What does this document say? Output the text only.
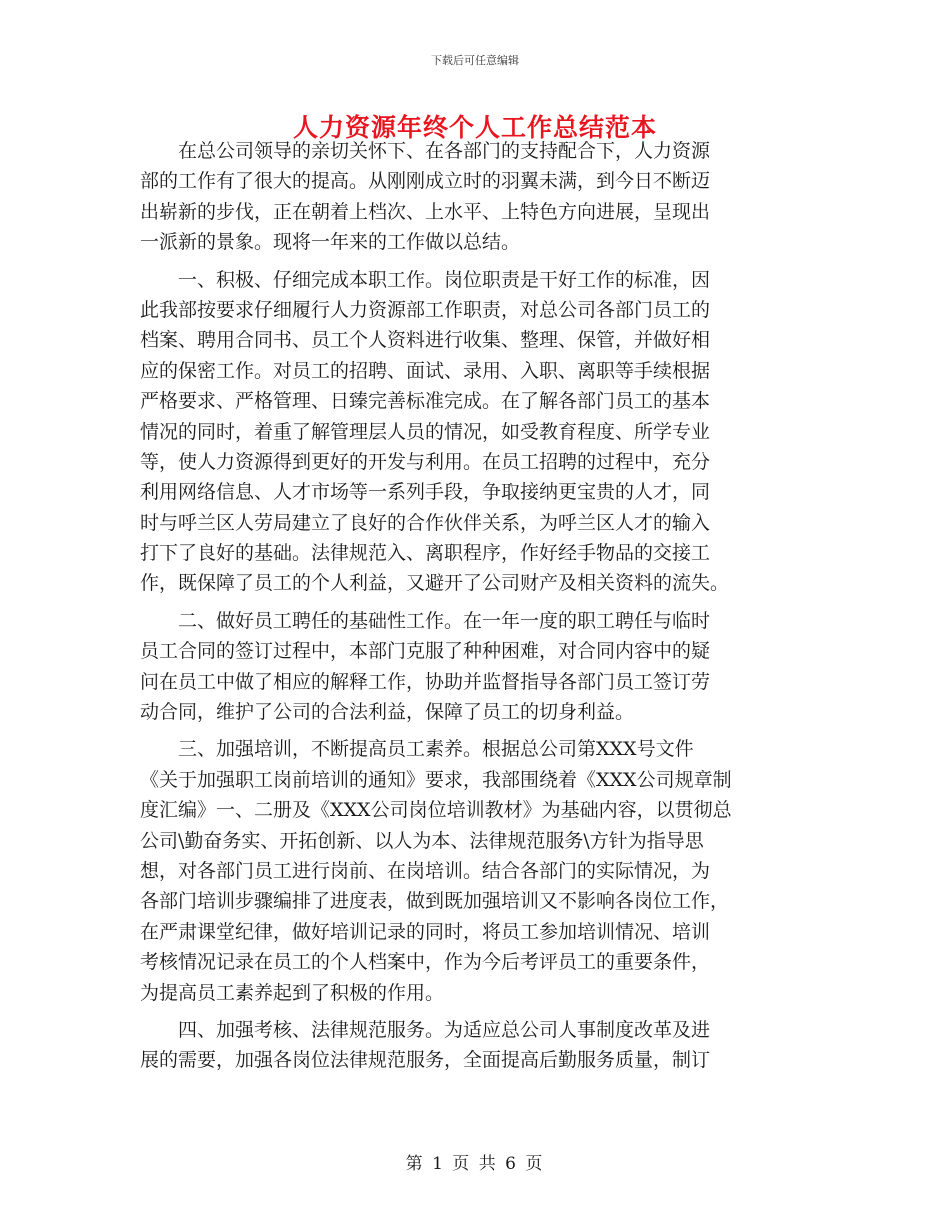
下载后可任意编辑
人力资源年终个人工作总结范本
　　在总公司领导的亲切关怀下、在各部门的支持配合下，人力资源
部的工作有了很大的提高。从刚刚成立时的羽翼未满，到今日不断迈
出崭新的步伐，正在朝着上档次、上水平、上特色方向进展，呈现出
一派新的景象。现将一年来的工作做以总结。
　　一、积极、仔细完成本职工作。岗位职责是干好工作的标准，因
此我部按要求仔细履行人力资源部工作职责，对总公司各部门员工的
档案、聘用合同书、员工个人资料进行收集、整理、保管，并做好相
应的保密工作。对员工的招聘、面试、录用、入职、离职等手续根据
严格要求、严格管理、日臻完善标准完成。在了解各部门员工的基本
情况的同时，着重了解管理层人员的情况，如受教育程度、所学专业
等，使人力资源得到更好的开发与利用。在员工招聘的过程中，充分
利用网络信息、人才市场等一系列手段，争取接纳更宝贵的人才，同
时与呼兰区人劳局建立了良好的合作伙伴关系，为呼兰区人才的输入
打下了良好的基础。法律规范入、离职程序，作好经手物品的交接工
作，既保障了员工的个人利益，又避开了公司财产及相关资料的流失。
　　二、做好员工聘任的基础性工作。在一年一度的职工聘任与临时
员工合同的签订过程中，本部门克服了种种困难，对合同内容中的疑
问在员工中做了相应的解释工作，协助并监督指导各部门员工签订劳
动合同，维护了公司的合法利益，保障了员工的切身利益。
　　三、加强培训，不断提高员工素养。根据总公司第XXX号文件
《关于加强职工岗前培训的通知》要求，我部围绕着《XXX公司规章制
度汇编》一、二册及《XXX公司岗位培训教材》为基础内容，以贯彻总
公司\勤奋务实、开拓创新、以人为本、法律规范服务\方针为指导思
想，对各部门员工进行岗前、在岗培训。结合各部门的实际情况，为
各部门培训步骤编排了进度表，做到既加强培训又不影响各岗位工作，
在严肃课堂纪律，做好培训记录的同时，将员工参加培训情况、培训
考核情况记录在员工的个人档案中，作为今后考评员工的重要条件，
为提高员工素养起到了积极的作用。
　　四、加强考核、法律规范服务。为适应总公司人事制度改革及进
展的需要，加强各岗位法律规范服务，全面提高后勤服务质量，制订
第 1 页 共 6 页
